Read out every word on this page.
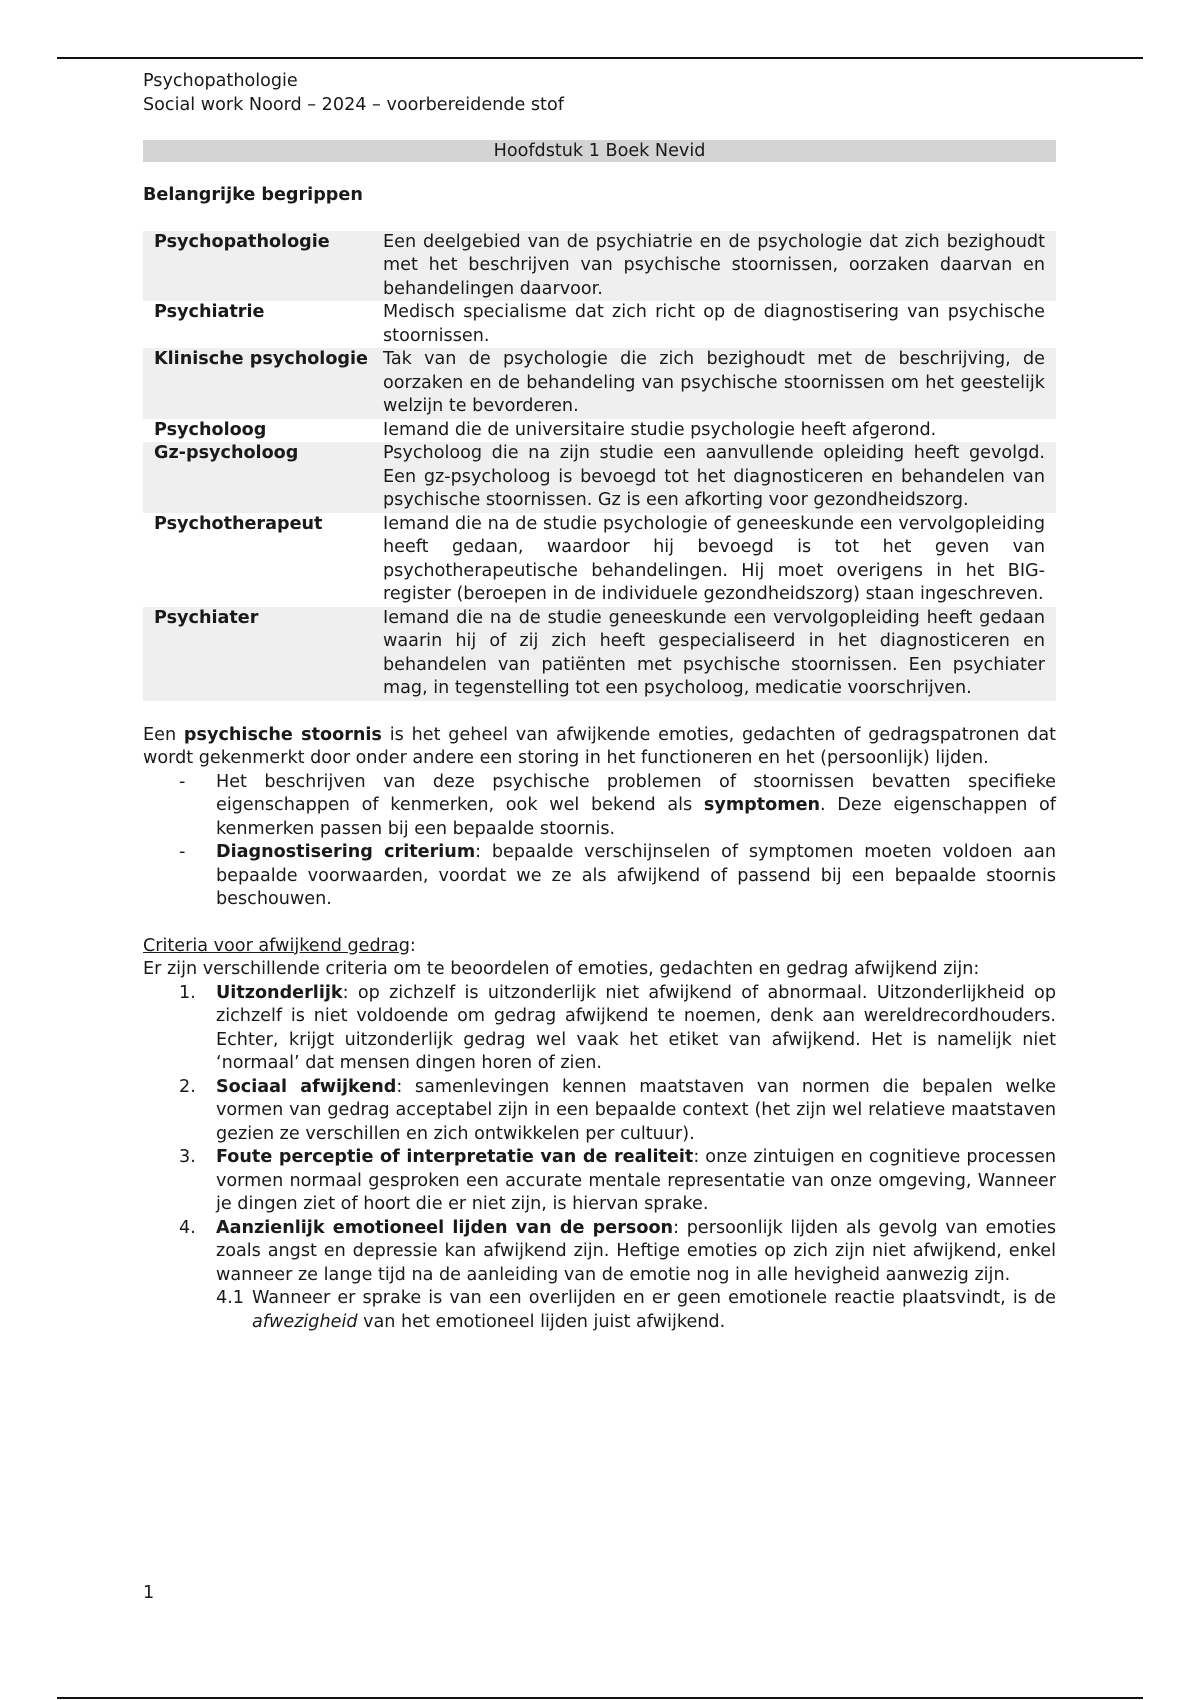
Psychopathologie
Social work Noord – 2024 – voorbereidende stof
Hoofdstuk 1 Boek Nevid
Belangrijke begrippen
Psychopathologie	Een deelgebied van de psychiatrie en de psychologie dat zich bezighoudt met het beschrijven van psychische stoornissen, oorzaken daarvan en behandelingen daarvoor.
Psychiatrie	Medisch specialisme dat zich richt op de diagnostisering van psychische stoornissen.
Klinische psychologie	Tak van de psychologie die zich bezighoudt met de beschrijving, de oorzaken en de behandeling van psychische stoornissen om het geestelijk welzijn te bevorderen.
Psycholoog	Iemand die de universitaire studie psychologie heeft afgerond.
Gz-psycholoog	Psycholoog die na zijn studie een aanvullende opleiding heeft gevolgd. Een gz-psycholoog is bevoegd tot het diagnosticeren en behandelen van psychische stoornissen. Gz is een afkorting voor gezondheidszorg.
Psychotherapeut	Iemand die na de studie psychologie of geneeskunde een vervolgopleiding heeft gedaan, waardoor hij bevoegd is tot het geven van psychotherapeutische behandelingen. Hij moet overigens in het BIG-register (beroepen in de individuele gezondheidszorg) staan ingeschreven.
Psychiater	Iemand die na de studie geneeskunde een vervolgopleiding heeft gedaan waarin hij of zij zich heeft gespecialiseerd in het diagnosticeren en behandelen van patiënten met psychische stoornissen. Een psychiater mag, in tegenstelling tot een psycholoog, medicatie voorschrijven.

Een psychische stoornis is het geheel van afwijkende emoties, gedachten of gedragspatronen dat wordt gekenmerkt door onder andere een storing in het functioneren en het (persoonlijk) lijden.

- Het beschrijven van deze psychische problemen of stoornissen bevatten specifieke eigenschappen of kenmerken, ook wel bekend als symptomen. Deze eigenschappen of kenmerken passen bij een bepaalde stoornis.
- Diagnostisering criterium: bepaalde verschijnselen of symptomen moeten voldoen aan bepaalde voorwaarden, voordat we ze als afwijkend of passend bij een bepaalde stoornis beschouwen.
Criteria voor afwijkend gedrag:

Er zijn verschillende criteria om te beoordelen of emoties, gedachten en gedrag afwijkend zijn:

1. Uitzonderlijk: op zichzelf is uitzonderlijk niet afwijkend of abnormaal. Uitzonderlijkheid op zichzelf is niet voldoende om gedrag afwijkend te noemen, denk aan wereldrecordhouders. Echter, krijgt uitzonderlijk gedrag wel vaak het etiket van afwijkend. Het is namelijk niet ‘normaal’ dat mensen dingen horen of zien.
2. Sociaal afwijkend: samenlevingen kennen maatstaven van normen die bepalen welke vormen van gedrag acceptabel zijn in een bepaalde context (het zijn wel relatieve maatstaven gezien ze verschillen en zich ontwikkelen per cultuur).
3. Foute perceptie of interpretatie van de realiteit: onze zintuigen en cognitieve processen vormen normaal gesproken een accurate mentale representatie van onze omgeving, Wanneer je dingen ziet of hoort die er niet zijn, is hiervan sprake.
4. Aanzienlijk emotioneel lijden van de persoon: persoonlijk lijden als gevolg van emoties zoals angst en depressie kan afwijkend zijn. Heftige emoties op zich zijn niet afwijkend, enkel wanneer ze lange tijd na de aanleiding van de emotie nog in alle hevigheid aanwezig zijn.
4.1 Wanneer er sprake is van een overlijden en er geen emotionele reactie plaatsvindt, is de afwezigheid van het emotioneel lijden juist afwijkend.
1
